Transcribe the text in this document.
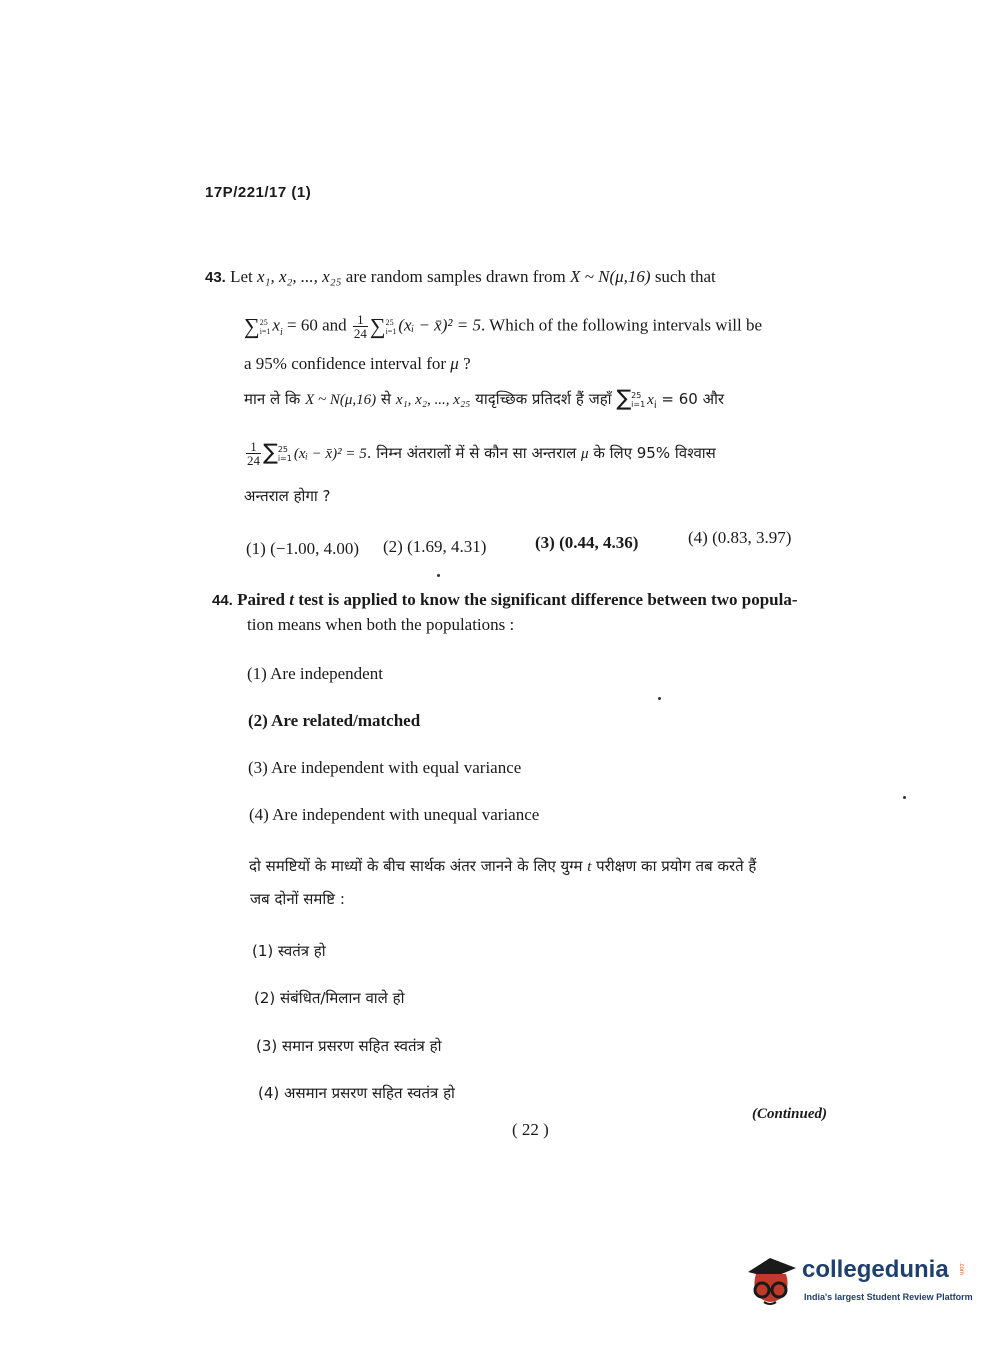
17P/221/17 (1)
43. Let x₁, x₂, ..., x₂₅ are random samples drawn from X ~ N(μ,16) such that
∑ 25
i=1 $x_i = 60$ and $\frac{1}{24}$ ∑ 25
i=1 (xᵢ − x̄)² = 5. Which of the following intervals will be
a 95% confidence interval for μ ?
मान ले कि X ~ N(μ,16) से x₁, x₂, ..., x₂₅ यादृच्छिक प्रतिदर्श हैं जहाँ ∑ 25
i=1 $x_i = 60$ और
$\frac{1}{24}$ ∑ 25
i=1 (xᵢ − x̄)² = 5. निम्न अंतरालों में से कौन सा अन्तराल μ के लिए 95% विश्वास
अन्तराल होगा ?
(1) (−1.00, 4.00) (2) (1.69, 4.31)	(3) (0.44, 4.36)	(4) (0.83, 3.97)
44. Paired t test is applied to know the significant difference between two popula-
tion means when both the populations :
(1) Are independent
(2) Are related/matched
(3) Are independent with equal variance
(4) Are independent with unequal variance
दो समष्टियों के माध्यों के बीच सार्थक अंतर जानने के लिए युग्म t परीक्षण का प्रयोग तब करते हैं
जब दोनों समष्टि :
(1) स्वतंत्र हो
(2) संबंधित/मिलान वाले हो
(3) समान प्रसरण सहित स्वतंत्र हो
(4) असमान प्रसरण सहित स्वतंत्र हो
( 22 )
(Continued)
collegedunia .com
India's largest Student Review Platform
